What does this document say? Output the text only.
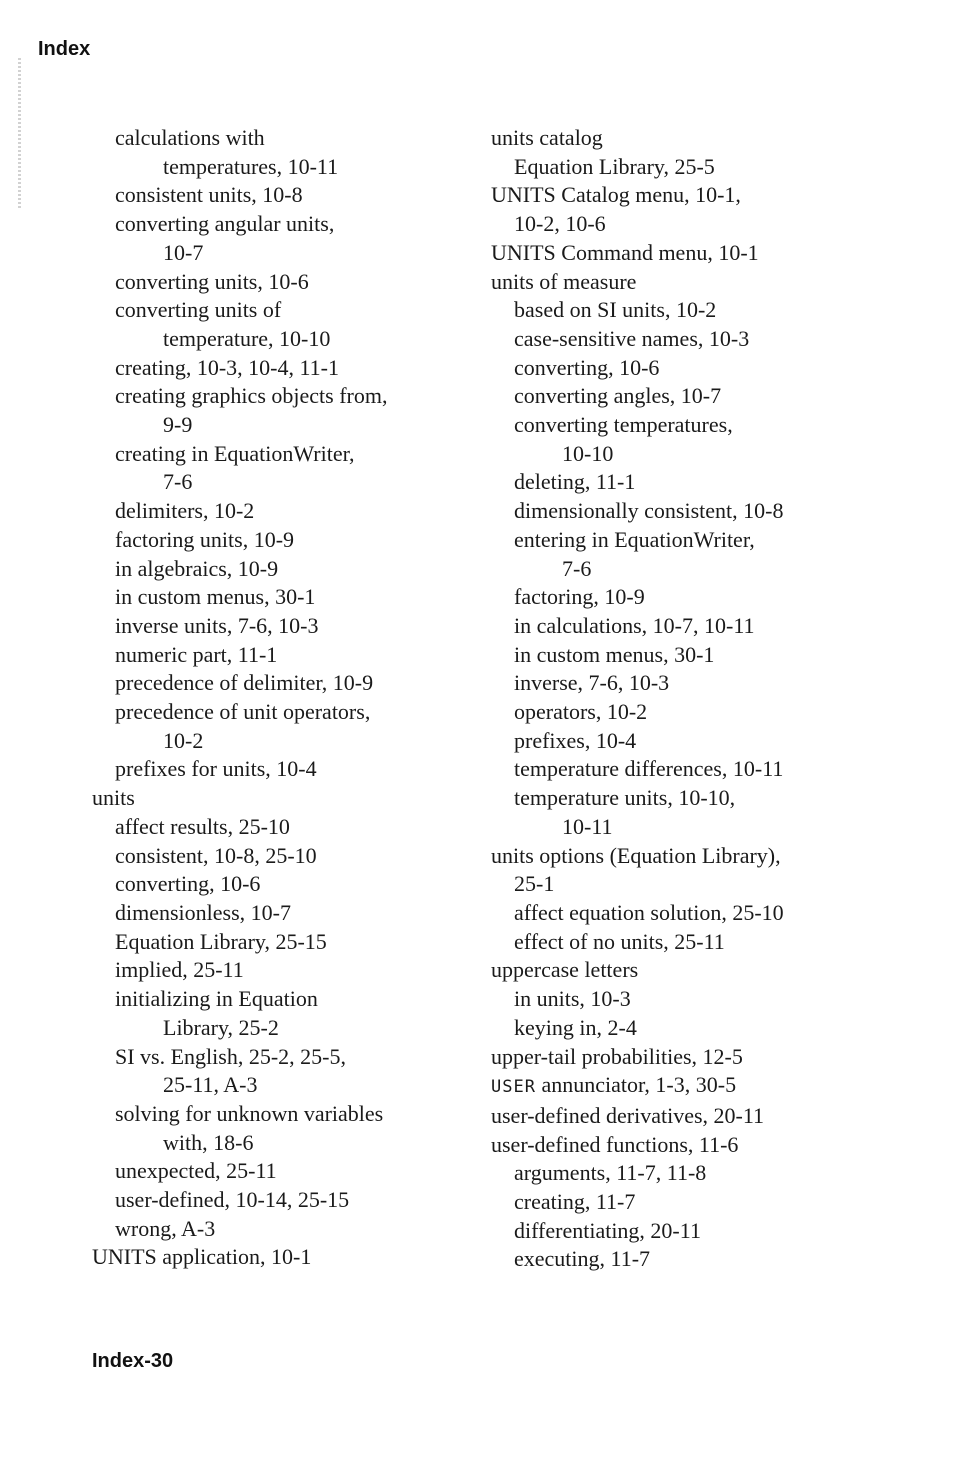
Index
calculations with
temperatures, 10-11
consistent units, 10-8
converting angular units,
10-7
converting units, 10-6
converting units of
temperature, 10-10
creating, 10-3, 10-4, 11-1
creating graphics objects from,
9-9
creating in EquationWriter,
7-6
delimiters, 10-2
factoring units, 10-9
in algebraics, 10-9
in custom menus, 30-1
inverse units, 7-6, 10-3
numeric part, 11-1
precedence of delimiter, 10-9
precedence of unit operators,
10-2
prefixes for units, 10-4
units
affect results, 25-10
consistent, 10-8, 25-10
converting, 10-6
dimensionless, 10-7
Equation Library, 25-15
implied, 25-11
initializing in Equation
Library, 25-2
SI vs. English, 25-2, 25-5,
25-11, A-3
solving for unknown variables
with, 18-6
unexpected, 25-11
user-defined, 10-14, 25-15
wrong, A-3
UNITS application, 10-1
units catalog
Equation Library, 25-5
UNITS Catalog menu, 10-1,
10-2, 10-6
UNITS Command menu, 10-1
units of measure
based on SI units, 10-2
case-sensitive names, 10-3
converting, 10-6
converting angles, 10-7
converting temperatures,
10-10
deleting, 11-1
dimensionally consistent, 10-8
entering in EquationWriter,
7-6
factoring, 10-9
in calculations, 10-7, 10-11
in custom menus, 30-1
inverse, 7-6, 10-3
operators, 10-2
prefixes, 10-4
temperature differences, 10-11
temperature units, 10-10,
10-11
units options (Equation Library),
25-1
affect equation solution, 25-10
effect of no units, 25-11
uppercase letters
in units, 10-3
keying in, 2-4
upper-tail probabilities, 12-5
USER annunciator, 1-3, 30-5
user-defined derivatives, 20-11
user-defined functions, 11-6
arguments, 11-7, 11-8
creating, 11-7
differentiating, 20-11
executing, 11-7
Index-30
